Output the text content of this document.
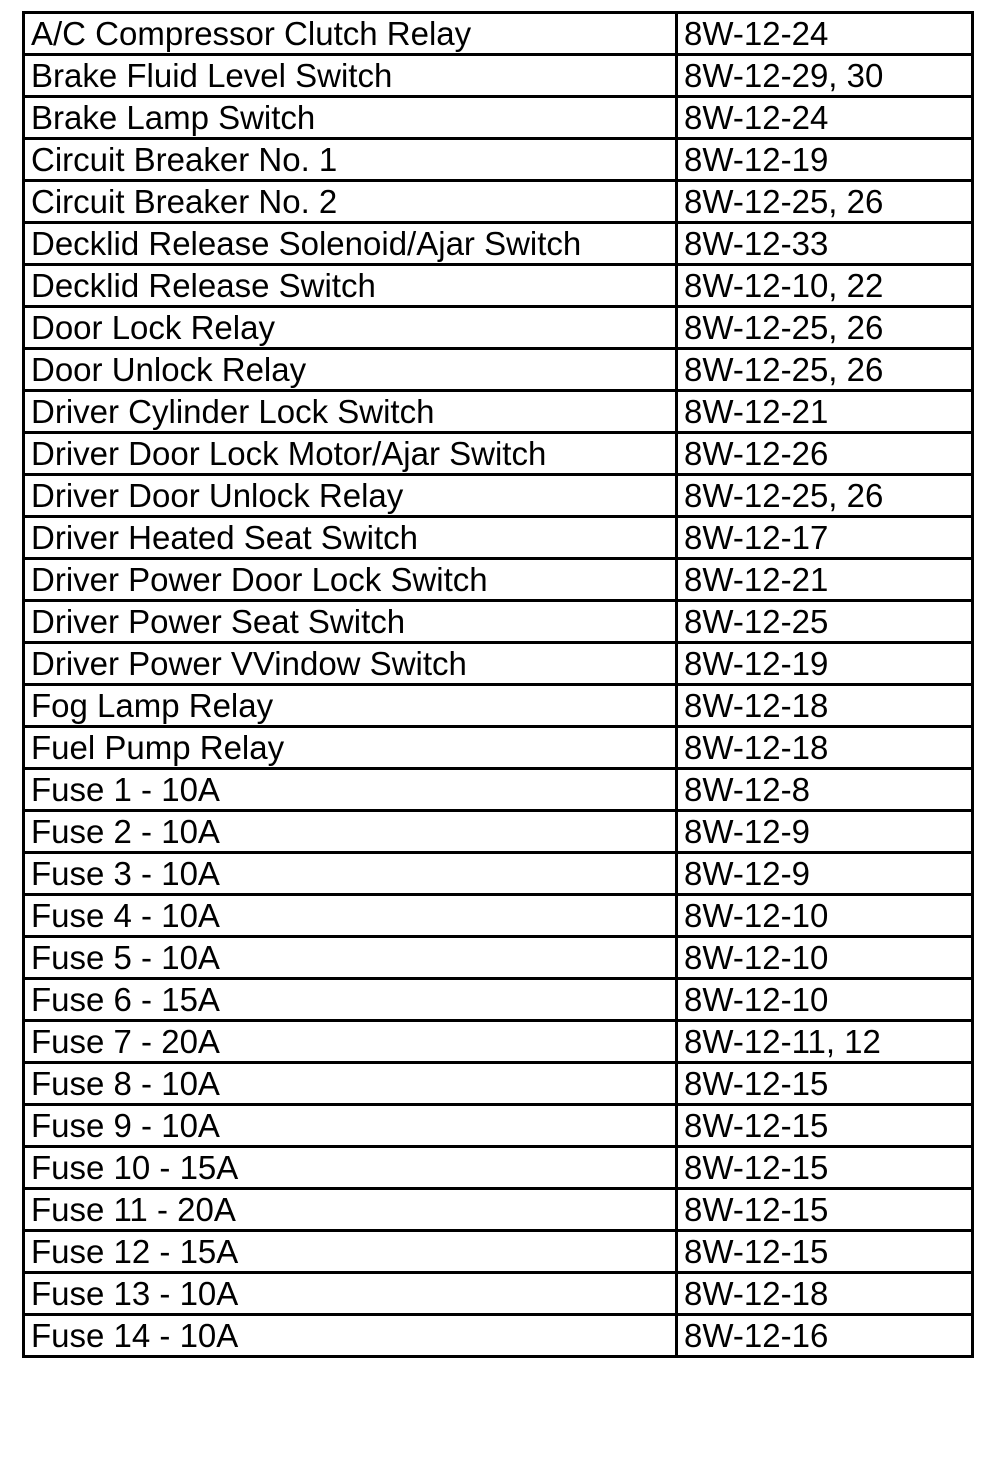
A/C Compressor Clutch Relay	8W-12-24
Brake Fluid Level Switch	8W-12-29, 30
Brake Lamp Switch	8W-12-24
Circuit Breaker No. 1	8W-12-19
Circuit Breaker No. 2	8W-12-25, 26
Decklid Release Solenoid/Ajar Switch	8W-12-33
Decklid Release Switch	8W-12-10, 22
Door Lock Relay	8W-12-25, 26
Door Unlock Relay	8W-12-25, 26
Driver Cylinder Lock Switch	8W-12-21
Driver Door Lock Motor/Ajar Switch	8W-12-26
Driver Door Unlock Relay	8W-12-25, 26
Driver Heated Seat Switch	8W-12-17
Driver Power Door Lock Switch	8W-12-21
Driver Power Seat Switch	8W-12-25
Driver Power VVindow Switch	8W-12-19
Fog Lamp Relay	8W-12-18
Fuel Pump Relay	8W-12-18
Fuse 1 - 10A	8W-12-8
Fuse 2 - 10A	8W-12-9
Fuse 3 - 10A	8W-12-9
Fuse 4 - 10A	8W-12-10
Fuse 5 - 10A	8W-12-10
Fuse 6 - 15A	8W-12-10
Fuse 7 - 20A	8W-12-11, 12
Fuse 8 - 10A	8W-12-15
Fuse 9 - 10A	8W-12-15
Fuse 10 - 15A	8W-12-15
Fuse 11 - 20A	8W-12-15
Fuse 12 - 15A	8W-12-15
Fuse 13 - 10A	8W-12-18
Fuse 14 - 10A	8W-12-16
